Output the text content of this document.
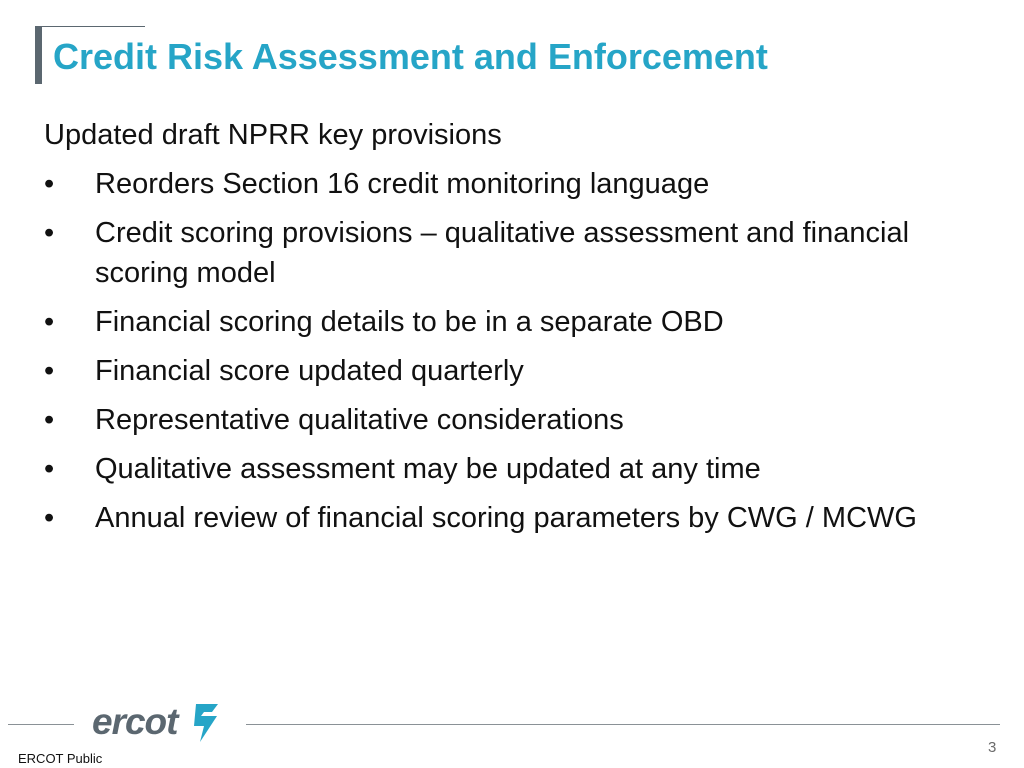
Credit Risk Assessment and Enforcement

Updated draft NPRR key provisions

•	Reorders Section 16 credit monitoring language
•	Credit scoring provisions – qualitative assessment and financial scoring model
•	Financial scoring details to be in a separate OBD
•	Financial score updated quarterly
•	Representative qualitative considerations
•	Qualitative assessment may be updated at any time
•	Annual review of financial scoring parameters by CWG / MCWG
ercot
ERCOT Public
3
